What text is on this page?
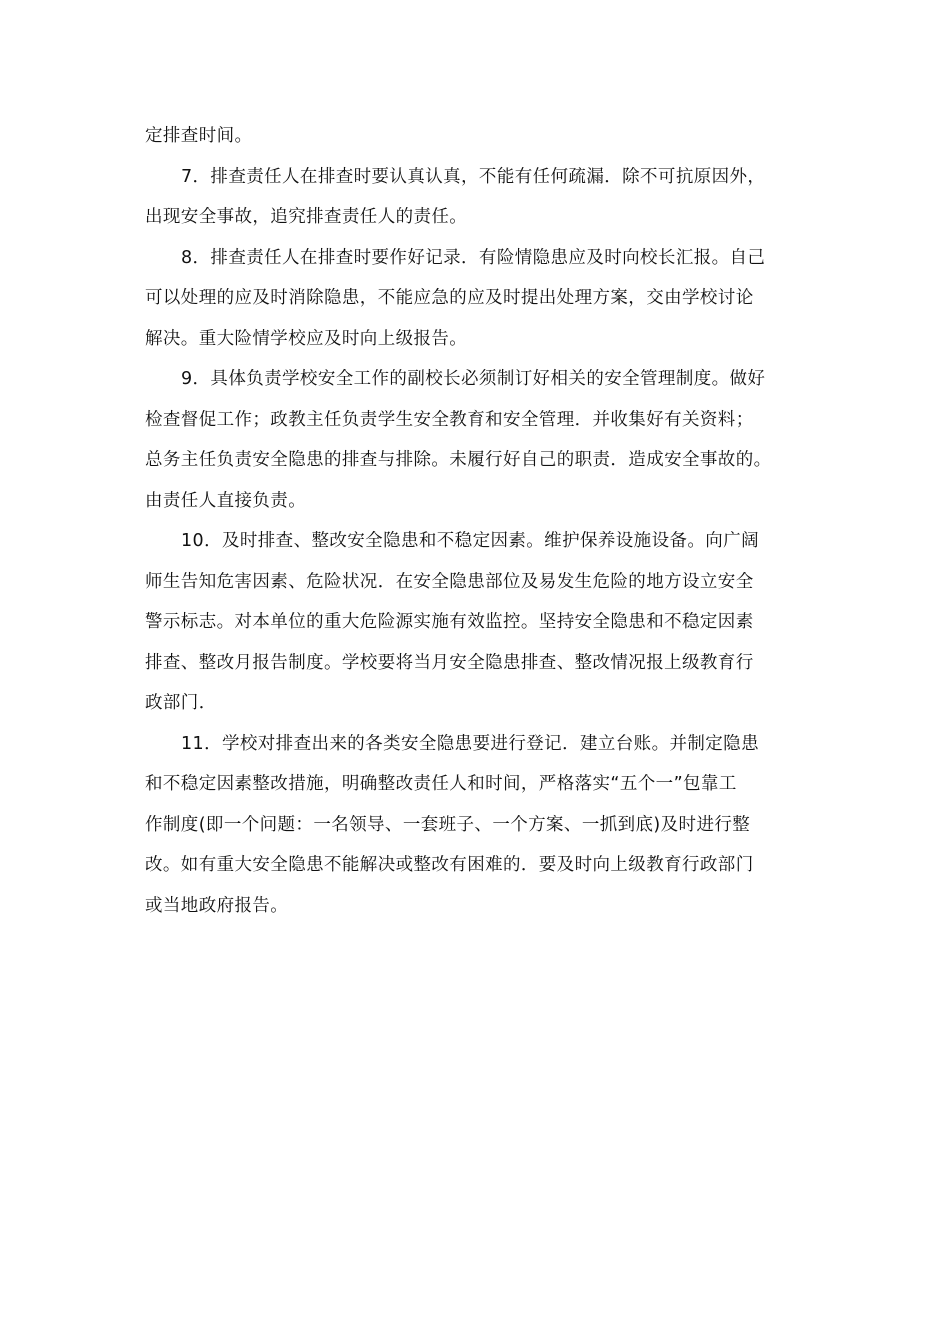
定排查时间。
7．排查责任人在排查时要认真认真，不能有任何疏漏．除不可抗原因外，
出现安全事故，追究排查责任人的责任。
8．排查责任人在排查时要作好记录．有险情隐患应及时向校长汇报。自己
可以处理的应及时消除隐患，不能应急的应及时提出处理方案，交由学校讨论
解决。重大险情学校应及时向上级报告。
9．具体负责学校安全工作的副校长必须制订好相关的安全管理制度。做好
检查督促工作；政教主任负责学生安全教育和安全管理．并收集好有关资料；
总务主任负责安全隐患的排查与排除。未履行好自己的职责．造成安全事故的。
由责任人直接负责。
10．及时排查、整改安全隐患和不稳定因素。维护保养设施设备。向广阔
师生告知危害因素、危险状况．在安全隐患部位及易发生危险的地方设立安全
警示标志。对本单位的重大危险源实施有效监控。坚持安全隐患和不稳定因素
排查、整改月报告制度。学校要将当月安全隐患排查、整改情况报上级教育行
政部门．
11．学校对排查出来的各类安全隐患要进行登记．建立台账。并制定隐患
和不稳定因素整改措施，明确整改责任人和时间，严格落实“五个一”包靠工
作制度(即一个问题：一名领导、一套班子、一个方案、一抓到底)及时进行整
改。如有重大安全隐患不能解决或整改有困难的．要及时向上级教育行政部门
或当地政府报告。
